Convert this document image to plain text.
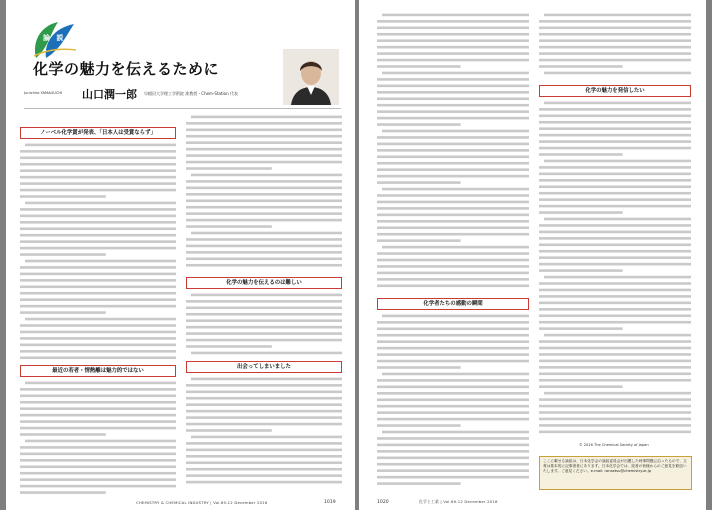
論 説
化学の魅力を伝えるために
Junichiro YAMAGUCHI 山口潤一郎 早稲田大学理工学術院 准教授・Chem-Station 代表
ノーベル化学賞が発表、「日本人は受賞ならず」
最近の若者・情熱離は魅力的ではない
化学の魅力を伝えるのは難しい
出会ってしまいました
CHEMISTRY & CHEMICAL INDUSTRY | Vol.69-12 December 2016	1019
化学者たちの感動の瞬間
化学の魅力を発信したい
© 2016 The Chemical Society of Japan
ここに載せる論説は、日本化学会の論説委員会が出題した時事問題に沿ったもので、文責は基本的に記事著者にあります。日本化学会では、読者の皆様からのご意見を歓迎いたします。ご意見ください。e-mail: ronsetsu@chemistry.or.jp
1020	化学と工業 | Vol.69-12 December 2016
